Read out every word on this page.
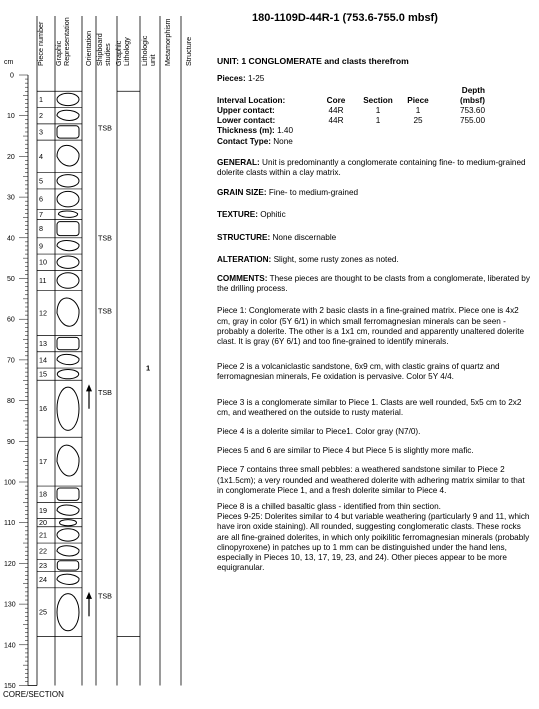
Piece number Graphic Representation Orientation Shipboard studies Graphic Lithology Lithologic unit Metamorphism Structure
cm
0
10
20
30
40
50
60
70
80
90
100
110
120
130
140
150
1
2
3
4
5
6
7
8
9
10
11
12
13
14
15
16
17
18
19
20
21
22
23
24
25
TSB
TSB
TSB
TSB
TSB
1
180-1109D-44R-1 (753.6-755.0 mbsf)

UNIT: 1 CONGLOMERATE and clasts therefrom

Pieces: 1-25

Interval Location:	Core	Section	Piece	Depth
(mbsf)
Upper contact:	44R	1	1	753.60
Lower contact:	44R	1	25	755.00

Thickness (m): 1.40

Contact Type: None

GENERAL: Unit is predominantly a conglomerate containing fine- to medium-grained dolerite clasts within a clay matrix.

GRAIN SIZE: Fine- to medium-grained

TEXTURE: Ophitic

STRUCTURE: None discernable

ALTERATION: Slight, some rusty zones as noted.

COMMENTS: These pieces are thought to be clasts from a conglomerate, liberated by the drilling process.

Piece 1: Conglomerate with 2 basic clasts in a fine-grained matrix. Piece one is 4x2 cm, gray in color (5Y 6/1) in which small ferromagnesian minerals can be seen - probably a dolerite. The other is a 1x1 cm, rounded and apparently unaltered dolerite clast. It is gray (6Y 6/1) and too fine-grained to identify minerals.

Piece 2 is a volcaniclastic sandstone, 6x9 cm, with clastic grains of quartz and ferromagnesian minerals, Fe oxidation is pervasive. Color 5Y 4/4.

Piece 3 is a conglomerate similar to Piece 1. Clasts are well rounded, 5x5 cm to 2x2 cm, and weathered on the outside to rusty material.

Piece 4 is a dolerite similar to Piece1. Color gray (N7/0).

Pieces 5 and 6 are similar to Piece 4 but Piece 5 is slightly more mafic.

Piece 7 contains three small pebbles: a weathered sandstone similar to Piece 2 (1x1.5cm); a very rounded and weathered dolerite with adhering matrix similar to that in conglomerate Piece 1, and a fresh dolerite similar to Piece 4.

Piece 8 is a chilled basaltic glass - identified from thin section.
Pieces 9-25: Dolerites similar to 4 but variable weathering (particularly 9 and 11, which have iron oxide staining). All rounded, suggesting conglomeratic clasts. These rocks are all fine-grained dolerites, in which only poikilitic ferromagnesian minerals (probably clinopyroxene) in patches up to 1 mm can be distinguished under the hand lens, especially in Pieces 10, 13, 17, 19, 23, and 24). Other pieces appear to be more equigranular.

CORE/SECTION
